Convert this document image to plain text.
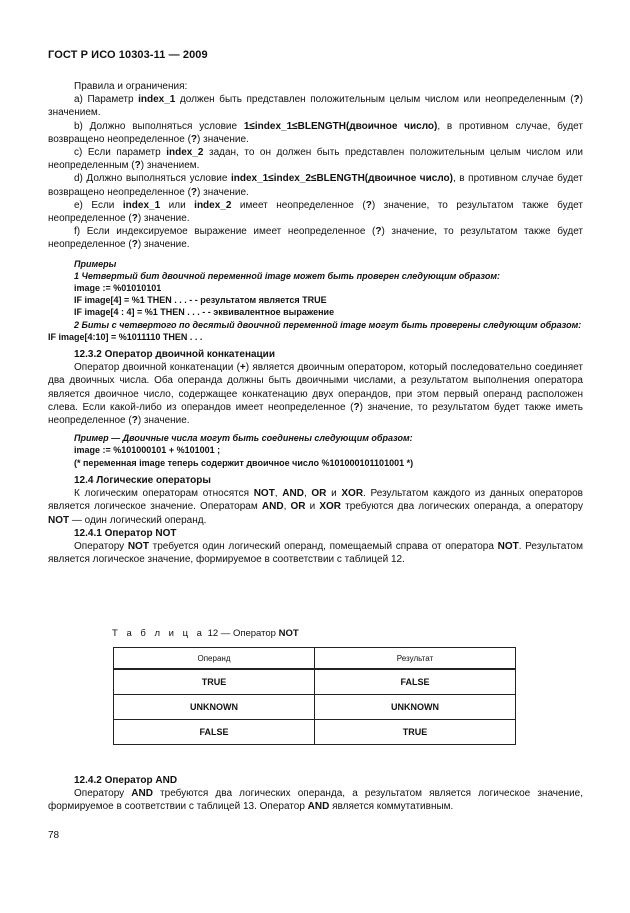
ГОСТ Р ИСО 10303-11 — 2009

Правила и ограничения:

а) Параметр index_1 должен быть представлен положительным целым числом или неопределенным (?) значением.

b) Должно выполняться условие 1≤index_1≤BLENGTH(двоичное число), в противном случае, будет возвращено неопределенное (?) значение.

c) Если параметр index_2 задан, то он должен быть представлен положительным целым числом или неопределенным (?) значением.

d) Должно выполняться условие index_1≤index_2≤BLENGTH(двоичное число), в противном случае будет возвращено неопределенное (?) значение.

e) Если index_1 или index_2 имеет неопределенное (?) значение, то результатом также будет неопределенное (?) значение.

f) Если индексируемое выражение имеет неопределенное (?) значение, то результатом также будет неопределенное (?) значение.

Примеры

1 Четвертый бит двоичной переменной image может быть проверен следующим образом:

image := %01010101

IF image[4] = %1 THEN . . . - - результатом является TRUE

IF image[4 : 4] = %1 THEN . . . - - эквивалентное выражение

2 Биты с четвертого по десятый двоичной переменной image могут быть проверены следующим образом:

IF image[4:10] = %1011110 THEN . . .

12.3.2 Оператор двоичной конкатенации

Оператор двоичной конкатенации (+) является двоичным оператором, который последовательно соединяет два двоичных числа. Оба операнда должны быть двоичными числами, а результатом выполнения оператора является двоичное число, содержащее конкатенацию двух операндов, при этом первый операнд расположен слева. Если какой-либо из операндов имеет неопределенное (?) значение, то результатом будет также иметь неопределенное (?) значение.

Пример — Двоичные числа могут быть соединены следующим образом:

image := %101000101 + %101001 ;

(* переменная image теперь содержит двоичное число %101000101101001 *)

12.4 Логические операторы

К логическим операторам относятся NOT, AND, OR и XOR. Результатом каждого из данных операторов является логическое значение. Операторам AND, OR и XOR требуются два логических операнда, а оператору NOT — один логический операнд.

12.4.1 Оператор NOT

Оператору NOT требуется один логический операнд, помещаемый справа от оператора NOT. Результатом является логическое значение, формируемое в соответствии с таблицей 12.

Т а б л и ц а 12 — Оператор NOT
Операнд	Результат
TRUE	FALSE
UNKNOWN	UNKNOWN
FALSE	TRUE

12.4.2 Оператор AND

Оператору AND требуются два логических операнда, а результатом является логическое значение, формируемое в соответствии с таблицей 13. Оператор AND является коммутативным.

78
